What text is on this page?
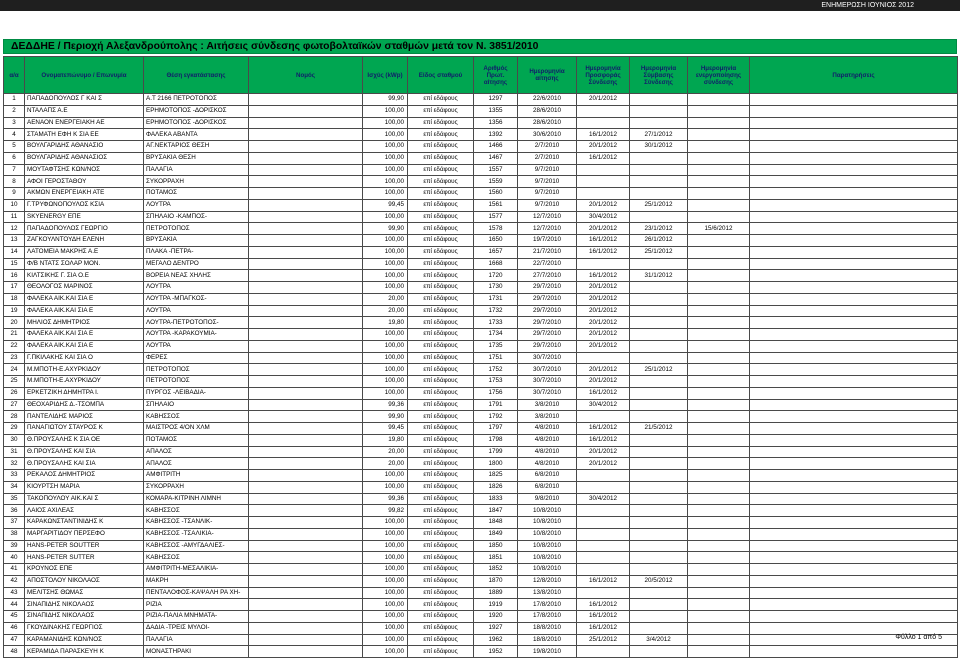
ΕΝΗΜΕΡΩΣΗ ΙΟΥΝΙΟΣ 2012
ΔΕΔΔΗΕ / Περιοχή Αλεξανδρούπολης : Αιτήσεις σύνδεσης φωτοβολταϊκών σταθμών μετά τον Ν. 3851/2010
α/α	Ονοματεπώνυμο / Επωνυμία	Θέση εγκατάστασης	Νομός	Ισχύς (kWp)	Είδος σταθμού	Αριθμός Πρωτ. αίτησης	Ημερομηνία αίτησης	Ημερομηνία Προσφοράς Σύνδεσης	Ημερομηνία Σύμβασης Σύνδεσης	Ημερομηνία ενεργοποίησης σύνδεσης	Παρατηρήσεις
1	ΠΑΠΑΔΟΠΟΥΛΟΣ Γ ΚΑΙ Σ	Α.Τ 2166 ΠΕΤΡΟΤΟΠΟΣ		99,90	επί εδάφους	1297	22/6/2010	20/1/2012			
2	ΝΤΑΛΑΠΣ Α.Ε	ΕΡΗΜΟΤΟΠΟΣ -ΔΟΡΙΣΚΟΣ		100,00	επί εδάφους	1355	28/6/2010				
3	ΑΕΝΑΟΝ ΕΝΕΡΓΕΙΑΚΗ ΑΕ	ΕΡΗΜΟΤΟΠΟΣ -ΔΟΡΙΣΚΟΣ		100,00	επί εδάφους	1356	28/6/2010				
4	ΣΤΑΜΑΤΗ ΕΦΗ Κ ΣΙΑ ΕΕ	ΦΑΛΕΚΑ ΑΒΑΝΤΑ		100,00	επί εδάφους	1392	30/6/2010	16/1/2012	27/1/2012		
5	ΒΟΥΛΓΑΡΙΔΗΣ ΑΘΑΝΑΣΙΟ	ΑΓ.ΝΕΚΤΑΡΙΟΣ ΘΕΣΗ		100,00	επί εδάφους	1466	2/7/2010	20/1/2012	30/1/2012		
6	ΒΟΥΛΓΑΡΙΔΗΣ ΑΘΑΝΑΣΙΟΣ	ΒΡΥΣΑΚΙΑ ΘΕΣΗ		100,00	επί εδάφους	1467	2/7/2010	16/1/2012			
7	ΜΟΥΤΑΦΤΣΗΣ ΚΩΝ/ΝΟΣ	ΠΑΛΑΓΙΑ		100,00	επί εδάφους	1557	9/7/2010				
8	ΑΦΟΙ ΓΕΡΟΣΤΑΘΟΥ	ΣΥΚΟΡΡΑΧΗ		100,00	επί εδάφους	1559	9/7/2010				
9	ΑΚΜΩΝ ΕΝΕΡΓΕΙΑΚΗ ΑΤΕ	ΠΟΤΑΜΟΣ		100,00	επί εδάφους	1560	9/7/2010				
10	Γ.ΤΡΥΦΩΝΟΠΟΥΛΟΣ ΚΣΙΑ	ΛΟΥΤΡΑ		99,45	επί εδάφους	1561	9/7/2010	20/1/2012	25/1/2012		
11	SKYENERGY ΕΠΕ	ΣΠΗΛΑΙΟ -ΚΑΜΠΟΣ-		100,00	επί εδάφους	1577	12/7/2010	30/4/2012			
12	ΠΑΠΑΔΟΠΟΥΛΟΣ ΓΕΩΡΓΙΟ	ΠΕΤΡΟΤΟΠΟΣ		99,90	επί εδάφους	1578	12/7/2010	20/1/2012	23/1/2012	15/6/2012	
13	ΖΑΓΚΟΥΛΝΤΟΥΔΗ ΕΛΕΝΗ	ΒΡΥΣΑΚΙΑ		100,00	επί εδάφους	1650	19/7/2010	16/1/2012	26/1/2012		
14	ΛΑΤΟΜΕΙΑ ΜΑΚΡΗΣ Α.Ε	ΠΛΑΚΑ -ΠΕΤΡΑ-		100,00	επί εδάφους	1657	21/7/2010	16/1/2012	25/1/2012		
15	Φ/Β ΝΤΑΤΣ ΣΟΛΑΡ ΜΟΝ.	ΜΕΓΑΛΟ ΔΕΝΤΡΟ		100,00	επί εδάφους	1668	22/7/2010				
16	ΚΙΛΤΣΙΚΗΣ Γ. ΣΙΑ Ο.Ε	ΒΟΡΕΙΑ ΝΕΑΣ ΧΗΛΗΣ		100,00	επί εδάφους	1720	27/7/2010	16/1/2012	31/1/2012		
17	ΘΕΟΛΟΓΟΣ ΜΑΡΙΝΟΣ	ΛΟΥΤΡΑ		100,00	επί εδάφους	1730	29/7/2010	20/1/2012			
18	ΦΑΛΕΚΑ ΑΙΚ.ΚΑΙ ΣΙΑ Ε	ΛΟΥΤΡΑ -ΜΠΑΓΚΟΣ-		20,00	επί εδάφους	1731	29/7/2010	20/1/2012			
19	ΦΑΛΕΚΑ ΑΙΚ.ΚΑΙ ΣΙΑ Ε	ΛΟΥΤΡΑ		20,00	επί εδάφους	1732	29/7/2010	20/1/2012			
20	ΜΗΛΙΟΣ ΔΗΜΗΤΡΙΟΣ	ΛΟΥΤΡΑ-ΠΕΤΡΟΤΟΠΟΣ-		19,80	επί εδάφους	1733	29/7/2010	20/1/2012			
21	ΦΑΛΕΚΑ ΑΙΚ.ΚΑΙ ΣΙΑ Ε	ΛΟΥΤΡΑ -ΚΑΡΑΚΟΥΜΙΑ-		100,00	επί εδάφους	1734	29/7/2010	20/1/2012			
22	ΦΑΛΕΚΑ ΑΙΚ.ΚΑΙ ΣΙΑ Ε	ΛΟΥΤΡΑ		100,00	επί εδάφους	1735	29/7/2010	20/1/2012			
23	Γ.ΠΚΙΛΑΚΗΣ ΚΑΙ ΣΙΑ Ο	ΦΕΡΕΣ		100,00	επί εδάφους	1751	30/7/2010				
24	Μ.ΜΠΟΤΗ-Ε.ΑΧΥΡΚΙΔΟΥ	ΠΕΤΡΟΤΟΠΟΣ		100,00	επί εδάφους	1752	30/7/2010	20/1/2012	25/1/2012		
25	Μ.ΜΠΟΤΗ-Ε.ΑΧΥΡΚΙΔΟΥ	ΠΕΤΡΟΤΟΠΟΣ		100,00	επί εδάφους	1753	30/7/2010	20/1/2012			
26	ΕΡΚΕΤΖΙΚΗ ΔΗΜΗΤΡΑ Ι.	ΠΥΡΓΟΣ -ΛΕΙΒΑΔΙΑ-		100,00	επί εδάφους	1756	30/7/2010	16/1/2012			
27	ΘΕΟΧΑΡΙΔΗΣ Δ.-ΤΣΟΜΠΑ	ΣΠΗΛΑΙΟ		99,36	επί εδάφους	1791	3/8/2010	30/4/2012			
28	ΠΑΝΤΕΛΙΔΗΣ ΜΑΡΙΟΣ	ΚΑΒΗΣΣΟΣ		99,90	επί εδάφους	1792	3/8/2010				
29	ΠΑΝΑΓΙΩΤΟΥ ΣΤΑΥΡΟΣ Κ	ΜΑΙΣΤΡΟΣ 4/ΟΝ ΧΛΜ		99,45	επί εδάφους	1797	4/8/2010	16/1/2012	21/5/2012		
30	Θ.ΠΡΟΥΣΑΛΗΣ Κ ΣΙΑ ΟΕ	ΠΟΤΑΜΟΣ		19,80	επί εδάφους	1798	4/8/2010	16/1/2012			
31	Θ.ΠΡΟΥΣΑΛΗΣ ΚΑΙ ΣΙΑ	ΑΠΑΛΟΣ		20,00	επί εδάφους	1799	4/8/2010	20/1/2012			
32	Θ.ΠΡΟΥΣΑΛΗΣ ΚΑΙ ΣΙΑ	ΑΠΑΛΟΣ		20,00	επί εδάφους	1800	4/8/2010	20/1/2012			
33	ΡΕΚΑΛΟΣ ΔΗΜΗΤΡΙΟΣ	ΑΜΦΙΤΡΙΤΗ		100,00	επί εδάφους	1825	6/8/2010				
34	ΚΙΟΥΡΤΣΗ ΜΑΡΙΑ	ΣΥΚΟΡΡΑΧΗ		100,00	επί εδάφους	1826	6/8/2010				
35	ΤΑΚΟΠΟΥΛΟΥ ΑΙΚ.ΚΑΙ Σ	ΚΟΜΑΡΑ-ΚΙΤΡΙΝΗ ΛΙΜΝΗ		99,36	επί εδάφους	1833	9/8/2010	30/4/2012			
36	ΛΑΙΟΣ ΑΧΙΛΕΑΣ	ΚΑΒΗΣΣΟΣ		99,82	επί εδάφους	1847	10/8/2010				
37	ΚΑΡΑΚΩΝΣΤΑΝΤΙΝΙΔΗΣ Κ	ΚΑΒΗΣΣΟΣ -ΤΣΑΝΛΙΚ-		100,00	επί εδάφους	1848	10/8/2010				
38	ΜΑΡΓΑΡΙΤΙΔΟΥ ΠΕΡΣΕΦΟ	ΚΑΒΗΣΣΟΣ -ΤΣΑΛΙΚΙΑ-		100,00	επί εδάφους	1849	10/8/2010				
39	HANS-PETER SOUTTER	ΚΑΒΗΣΣΟΣ -ΑΜΥΓΔΑΛΙΕΣ-		100,00	επί εδάφους	1850	10/8/2010				
40	HANS-PETER SUTTER	ΚΑΒΗΣΣΟΣ		100,00	επί εδάφους	1851	10/8/2010				
41	ΚΡΟΥΝΟΣ ΕΠΕ	ΑΜΦΙΤΡΙΤΗ-ΜΕΣΑΛΙΚΙΑ-		100,00	επί εδάφους	1852	10/8/2010				
42	ΑΠΟΣΤΟΛΟΥ ΝΙΚΟΛΑΟΣ	ΜΑΚΡΗ		100,00	επί εδάφους	1870	12/8/2010	16/1/2012	20/5/2012		
43	ΜΕΛΙΤΣΗΣ ΘΩΜΑΣ	ΠΕΝΤΑΛΟΦΟΣ-ΚΑΨΑΛΗ ΡΑ ΧΗ-		100,00	επί εδάφους	1889	13/8/2010				
44	ΣΙΝΑΠΙΔΗΣ ΝΙΚΟΛΑΟΣ	ΡΙΖΙΑ		100,00	επί εδάφους	1919	17/8/2010	16/1/2012			
45	ΣΙΝΑΠΙΔΗΣ ΝΙΚΟΛΑΟΣ	ΡΙΖΙΑ-ΠΑΛΙΑ ΜΝΗΜΑΤΑ-		100,00	επί εδάφους	1920	17/8/2010	16/1/2012			
46	ΓΚΟΥΔΙΝΑΚΗΣ ΓΕΩΡΓΙΟΣ	ΔΑΔΙΑ -ΤΡΕΙΣ ΜΥΛΟΙ-		100,00	επί εδάφους	1927	18/8/2010	16/1/2012			
47	ΚΑΡΑΜΑΝΙΔΗΣ ΚΩΝ/ΝΟΣ	ΠΑΛΑΓΙΑ		100,00	επί εδάφους	1962	18/8/2010	25/1/2012	3/4/2012		
48	ΚΕΡΑΜΙΔΑ ΠΑΡΑΣΚΕΥΗ Κ	ΜΟΝΑΣΤΗΡΑΚΙ		100,00	επί εδάφους	1952	19/8/2010				
Φύλλο 1 από 5
